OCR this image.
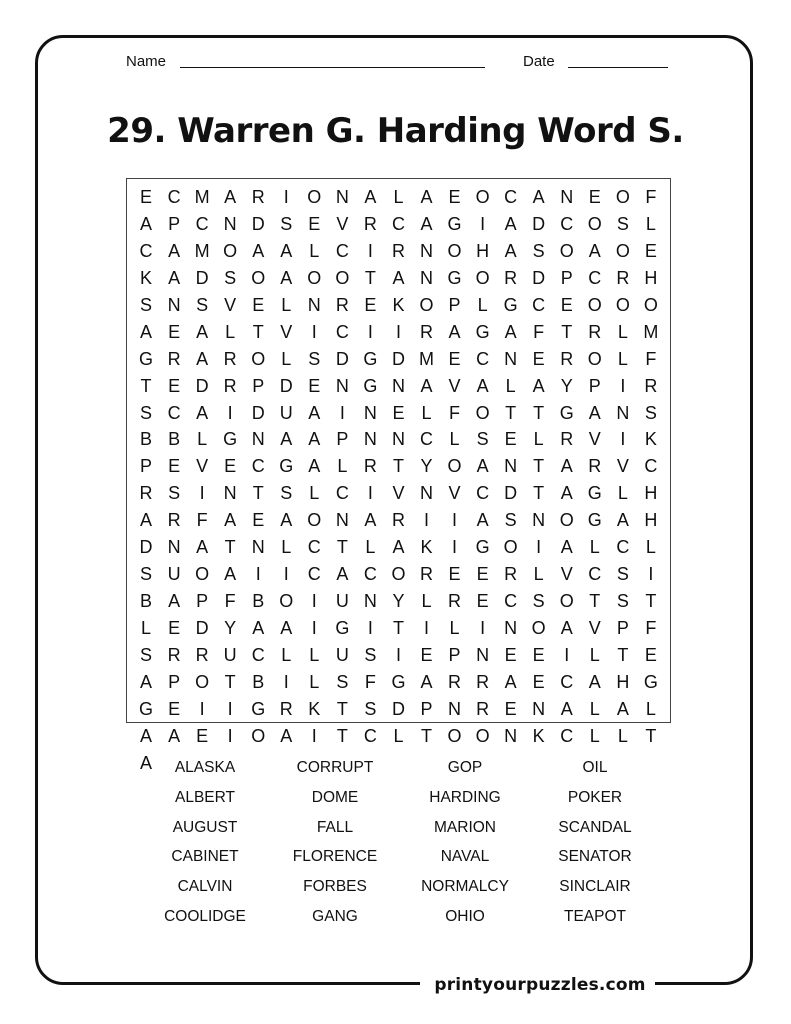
Name	Date
29. Warren G. Harding Word S.
E C M A R	I	O N A L A E O C A N E O F
A P C N D S E V R C A G	I	A D C O S L
C A M O A A L C	I	R N O H A S O A O E
K A D S O A O O T A N G O R D P C R H
S N S V E L N R E K O P L G C E O O O
A E A L T V	I	C	I	I	R A G A F T R L M
G R A R O L S D G D M E C N E R O L F
T E D R P D E N G N A V A L A Y P	I	R
S C A	I	D U A	I	N E L F O T T G A N S
B B L G N A A P N N C L S E L R V	I	K
P E V E C G A L R T Y O A N T A R V C
R S	I	N T S L C	I	V N V C D T A G L H
A R F A E A O N A R	I	I	A S N O G A H
D N A T N L C T L A K	I	G O	I	A L C L
S U O A	I	I	C A C O R E E R L V C S	I
B A P F B O	I	U N Y L R E C S O T S T
L E D Y A A	I	G	I	T	I	L	I	N O A V P F
S R R U C L	L U S	I	E P N E E	I	L T E
A P O T B	I	L S F G A R R A E C A H G
G E	I	I	G R K T S D P N R E N A L A L
A A E	I	O A	I	T C L T O O N K C L	L T
A	ALASKA	CORRUPT	GOP	OIL
ALBERT	DOME	HARDING	POKER
AUGUST	FALL	MARION	SCANDAL
CABINET	FLORENCE	NAVAL	SENATOR
CALVIN	FORBES	NORMALCY	SINCLAIR
COOLIDGE	GANG	OHIO	TEAPOT
printyourpuzzles.com
